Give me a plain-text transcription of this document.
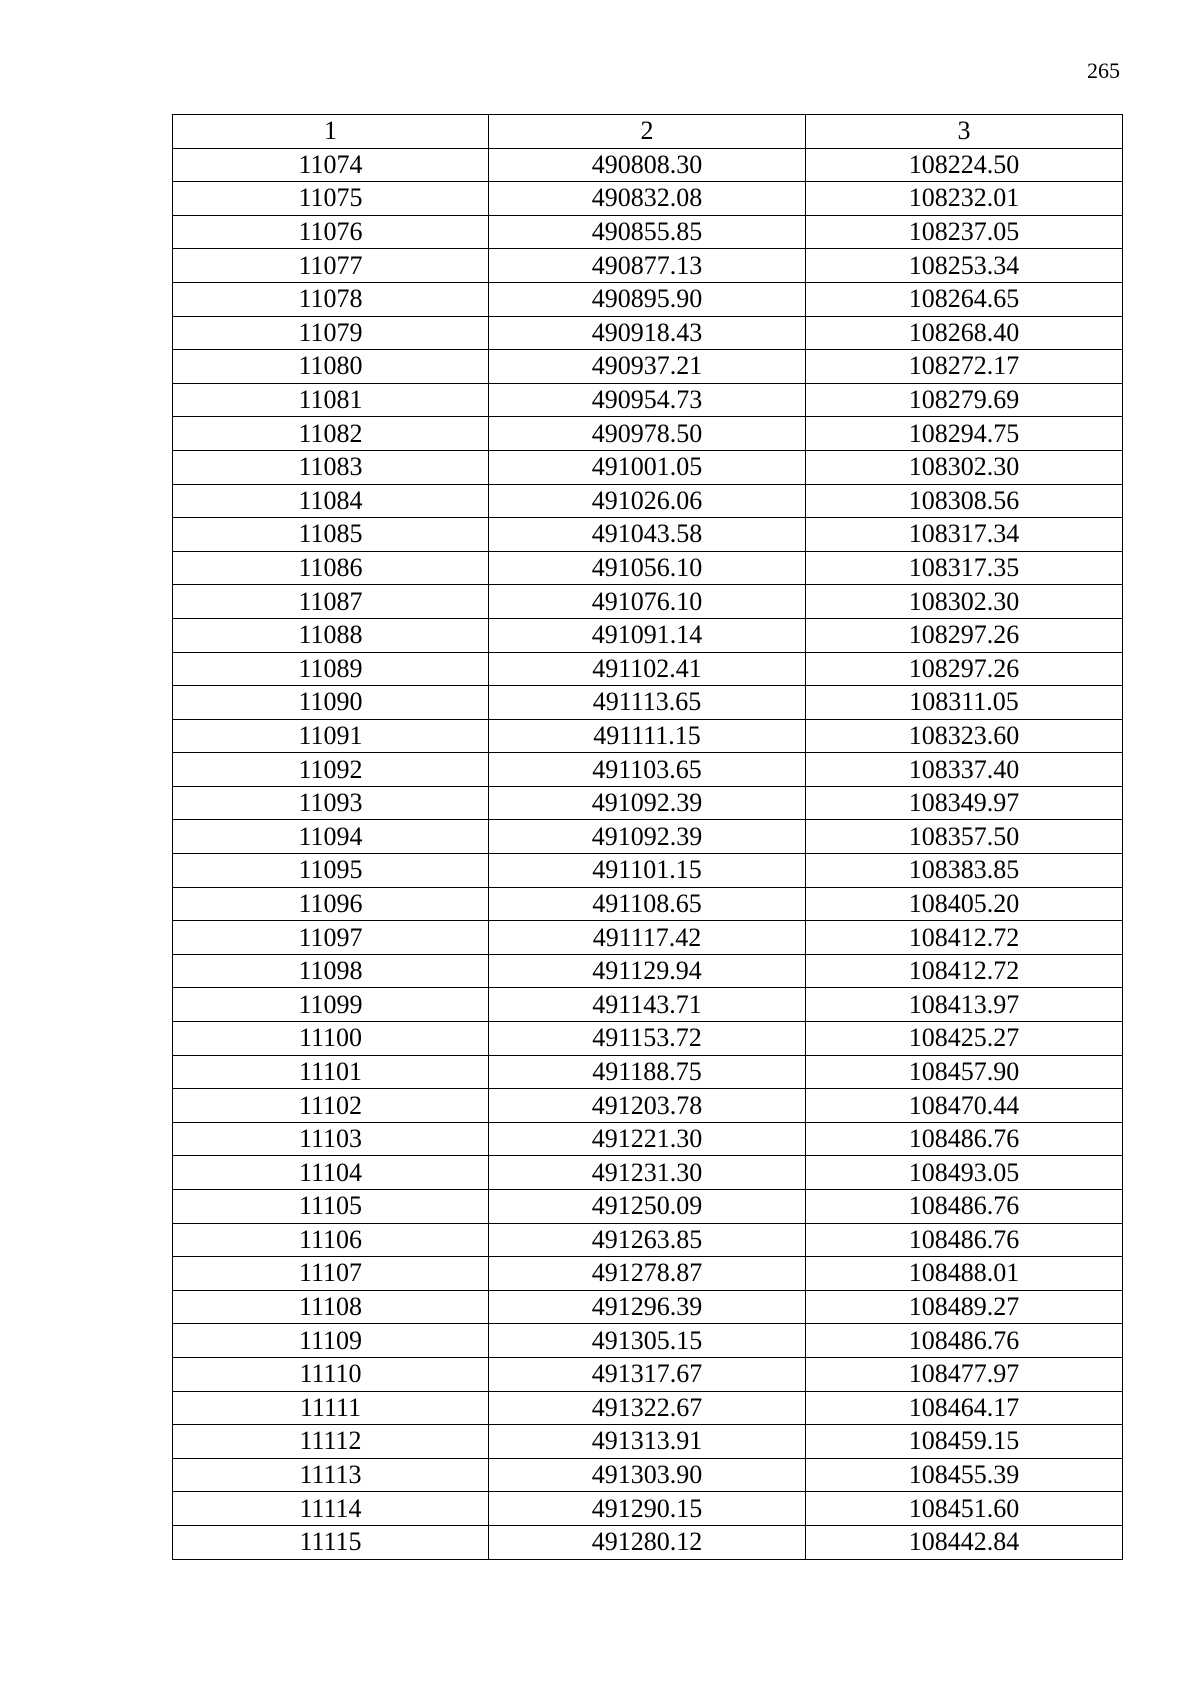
265
1	2	3
11074	490808.30	108224.50
11075	490832.08	108232.01
11076	490855.85	108237.05
11077	490877.13	108253.34
11078	490895.90	108264.65
11079	490918.43	108268.40
11080	490937.21	108272.17
11081	490954.73	108279.69
11082	490978.50	108294.75
11083	491001.05	108302.30
11084	491026.06	108308.56
11085	491043.58	108317.34
11086	491056.10	108317.35
11087	491076.10	108302.30
11088	491091.14	108297.26
11089	491102.41	108297.26
11090	491113.65	108311.05
11091	491111.15	108323.60
11092	491103.65	108337.40
11093	491092.39	108349.97
11094	491092.39	108357.50
11095	491101.15	108383.85
11096	491108.65	108405.20
11097	491117.42	108412.72
11098	491129.94	108412.72
11099	491143.71	108413.97
11100	491153.72	108425.27
11101	491188.75	108457.90
11102	491203.78	108470.44
11103	491221.30	108486.76
11104	491231.30	108493.05
11105	491250.09	108486.76
11106	491263.85	108486.76
11107	491278.87	108488.01
11108	491296.39	108489.27
11109	491305.15	108486.76
11110	491317.67	108477.97
11111	491322.67	108464.17
11112	491313.91	108459.15
11113	491303.90	108455.39
11114	491290.15	108451.60
11115	491280.12	108442.84
